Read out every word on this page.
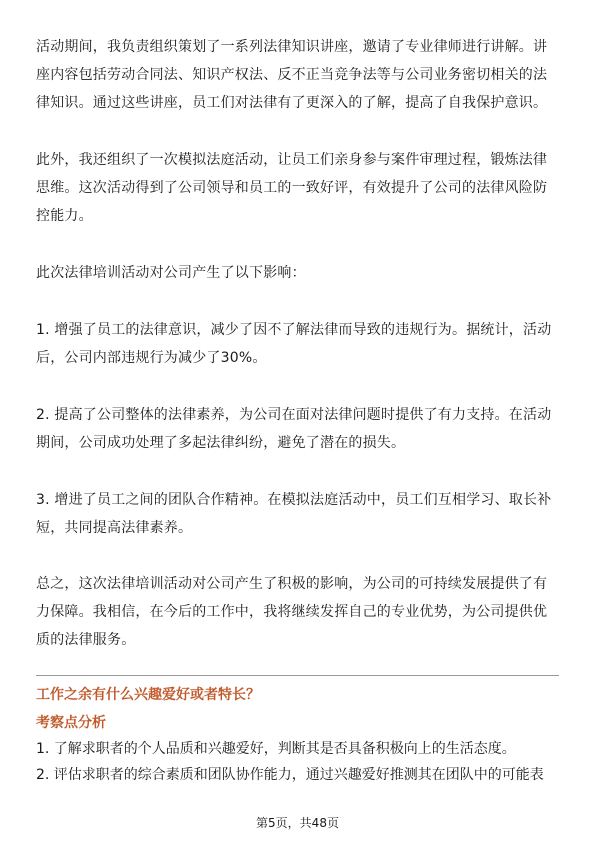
活动期间，我负责组织策划了一系列法律知识讲座，邀请了专业律师进行讲解。讲
座内容包括劳动合同法、知识产权法、反不正当竞争法等与公司业务密切相关的法
律知识。通过这些讲座，员工们对法律有了更深入的了解，提高了自我保护意识。

此外，我还组织了一次模拟法庭活动，让员工们亲身参与案件审理过程，锻炼法律
思维。这次活动得到了公司领导和员工的一致好评，有效提升了公司的法律风险防
控能力。

此次法律培训活动对公司产生了以下影响：

1. 增强了员工的法律意识，减少了因不了解法律而导致的违规行为。据统计，活动
后，公司内部违规行为减少了30%。

2. 提高了公司整体的法律素养，为公司在面对法律问题时提供了有力支持。在活动
期间，公司成功处理了多起法律纠纷，避免了潜在的损失。

3. 增进了员工之间的团队合作精神。在模拟法庭活动中，员工们互相学习、取长补
短，共同提高法律素养。

总之，这次法律培训活动对公司产生了积极的影响，为公司的可持续发展提供了有
力保障。我相信，在今后的工作中，我将继续发挥自己的专业优势，为公司提供优
质的法律服务。

工作之余有什么兴趣爱好或者特长？

考察点分析

1. 了解求职者的个人品质和兴趣爱好，判断其是否具备积极向上的生活态度。

2. 评估求职者的综合素质和团队协作能力，通过兴趣爱好推测其在团队中的可能表

第5页，共48页
